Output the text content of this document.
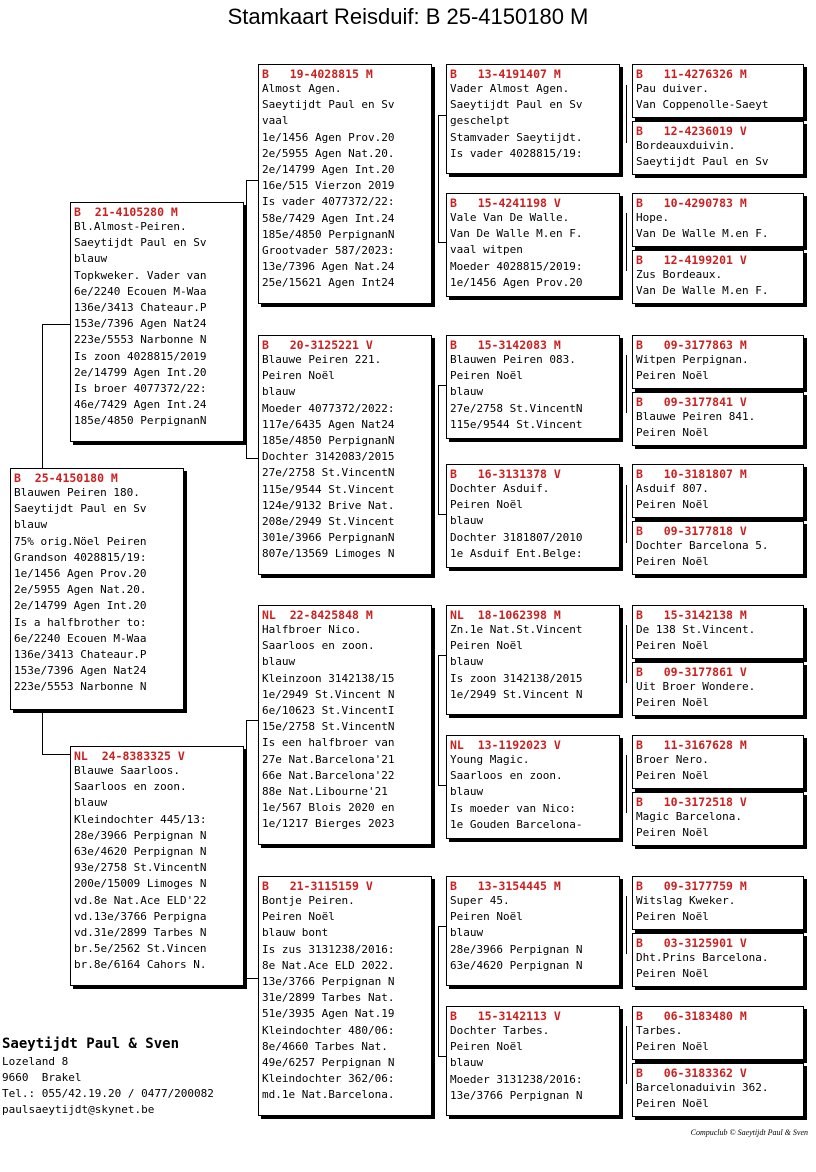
Stamkaart Reisduif: B 25-4150180 M
B  25-4150180 M
Blauwen Peiren 180.
Saeytijdt Paul en Sv
blauw
75% orig.Nöel Peiren
Grandson 4028815/19:
1e/1456 Agen Prov.20
2e/5955 Agen Nat.20.
2e/14799 Agen Int.20
Is a halfbrother to:
6e/2240 Ecouen M-Waa
136e/3413 Chateaur.P
153e/7396 Agen Nat24
223e/5553 Narbonne N
B  21-4105280 M
Bl.Almost-Peiren.
Saeytijdt Paul en Sv
blauw
Topkweker. Vader van
6e/2240 Ecouen M-Waa
136e/3413 Chateaur.P
153e/7396 Agen Nat24
223e/5553 Narbonne N
Is zoon 4028815/2019
2e/14799 Agen Int.20
Is broer 4077372/22:
46e/7429 Agen Int.24
185e/4850 PerpignanN
NL  24-8383325 V
Blauwe Saarloos.
Saarloos en zoon.
blauw
Kleindochter 445/13:
28e/3966 Perpignan N
63e/4620 Perpignan N
93e/2758 St.VincentN
200e/15009 Limoges N
vd.8e Nat.Ace ELD'22
vd.13e/3766 Perpigna
vd.31e/2899 Tarbes N
br.5e/2562 St.Vincen
br.8e/6164 Cahors N.
B   19-4028815 M
Almost Agen.
Saeytijdt Paul en Sv
vaal
1e/1456 Agen Prov.20
2e/5955 Agen Nat.20.
2e/14799 Agen Int.20
16e/515 Vierzon 2019
Is vader 4077372/22:
58e/7429 Agen Int.24
185e/4850 PerpignanN
Grootvader 587/2023:
13e/7396 Agen Nat.24
25e/15621 Agen Int24
B   20-3125221 V
Blauwe Peiren 221.
Peiren Noël
blauw
Moeder 4077372/2022:
117e/6435 Agen Nat24
185e/4850 PerpignanN
Dochter 3142083/2015
27e/2758 St.VincentN
115e/9544 St.Vincent
124e/9132 Brive Nat.
208e/2949 St.Vincent
301e/3966 PerpignanN
807e/13569 Limoges N
NL  22-8425848 M
Halfbroer Nico.
Saarloos en zoon.
blauw
Kleinzoon 3142138/15
1e/2949 St.Vincent N
6e/10623 St.VincentI
15e/2758 St.VincentN
Is een halfbroer van
27e Nat.Barcelona'21
66e Nat.Barcelona'22
88e Nat.Libourne'21
1e/567 Blois 2020 en
1e/1217 Bierges 2023
B   21-3115159 V
Bontje Peiren.
Peiren Noël
blauw bont
Is zus 3131238/2016:
8e Nat.Ace ELD 2022.
13e/3766 Perpignan N
31e/2899 Tarbes Nat.
51e/3935 Agen Nat.19
Kleindochter 480/06:
8e/4660 Tarbes Nat.
49e/6257 Perpignan N
Kleindochter 362/06:
md.1e Nat.Barcelona.
B   13-4191407 M
Vader Almost Agen.
Saeytijdt Paul en Sv
geschelpt
Stamvader Saeytijdt.
Is vader 4028815/19:
B   15-4241198 V
Vale Van De Walle.
Van De Walle M.en F.
vaal witpen
Moeder 4028815/2019:
1e/1456 Agen Prov.20
B   15-3142083 M
Blauwen Peiren 083.
Peiren Noël
blauw
27e/2758 St.VincentN
115e/9544 St.Vincent
B   16-3131378 V
Dochter Asduif.
Peiren Noël
blauw
Dochter 3181807/2010
1e Asduif Ent.Belge:
NL  18-1062398 M
Zn.1e Nat.St.Vincent
Peiren Noël
blauw
Is zoon 3142138/2015
1e/2949 St.Vincent N
NL  13-1192023 V
Young Magic.
Saarloos en zoon.
blauw
Is moeder van Nico:
1e Gouden Barcelona-
B   13-3154445 M
Super 45.
Peiren Noël
blauw
28e/3966 Perpignan N
63e/4620 Perpignan N
B   15-3142113 V
Dochter Tarbes.
Peiren Noël
blauw
Moeder 3131238/2016:
13e/3766 Perpignan N
B   11-4276326 M
Pau duiver.
Van Coppenolle-Saeyt
B   12-4236019 V
Bordeauxduivin.
Saeytijdt Paul en Sv
B   10-4290783 M
Hope.
Van De Walle M.en F.
B   12-4199201 V
Zus Bordeaux.
Van De Walle M.en F.
B   09-3177863 M
Witpen Perpignan.
Peiren Noël
B   09-3177841 V
Blauwe Peiren 841.
Peiren Noël
B   10-3181807 M
Asduif 807.
Peiren Noël
B   09-3177818 V
Dochter Barcelona 5.
Peiren Noël
B   15-3142138 M
De 138 St.Vincent.
Peiren Noël
B   09-3177861 V
Uit Broer Wondere.
Peiren Noël
B   11-3167628 M
Broer Nero.
Peiren Noël
B   10-3172518 V
Magic Barcelona.
Peiren Noël
B   09-3177759 M
Witslag Kweker.
Peiren Noël
B   03-3125901 V
Dht.Prins Barcelona.
Peiren Noël
B   06-3183480 M
Tarbes.
Peiren Noël
B   06-3183362 V
Barcelonaduivin 362.
Peiren Noël
Saeytijdt Paul & Sven
Lozeland 8
9660  Brakel
Tel.: 055/42.19.20 / 0477/200082
paulsaeytijdt@skynet.be
Compuclub © Saeytijdt Paul & Sven
